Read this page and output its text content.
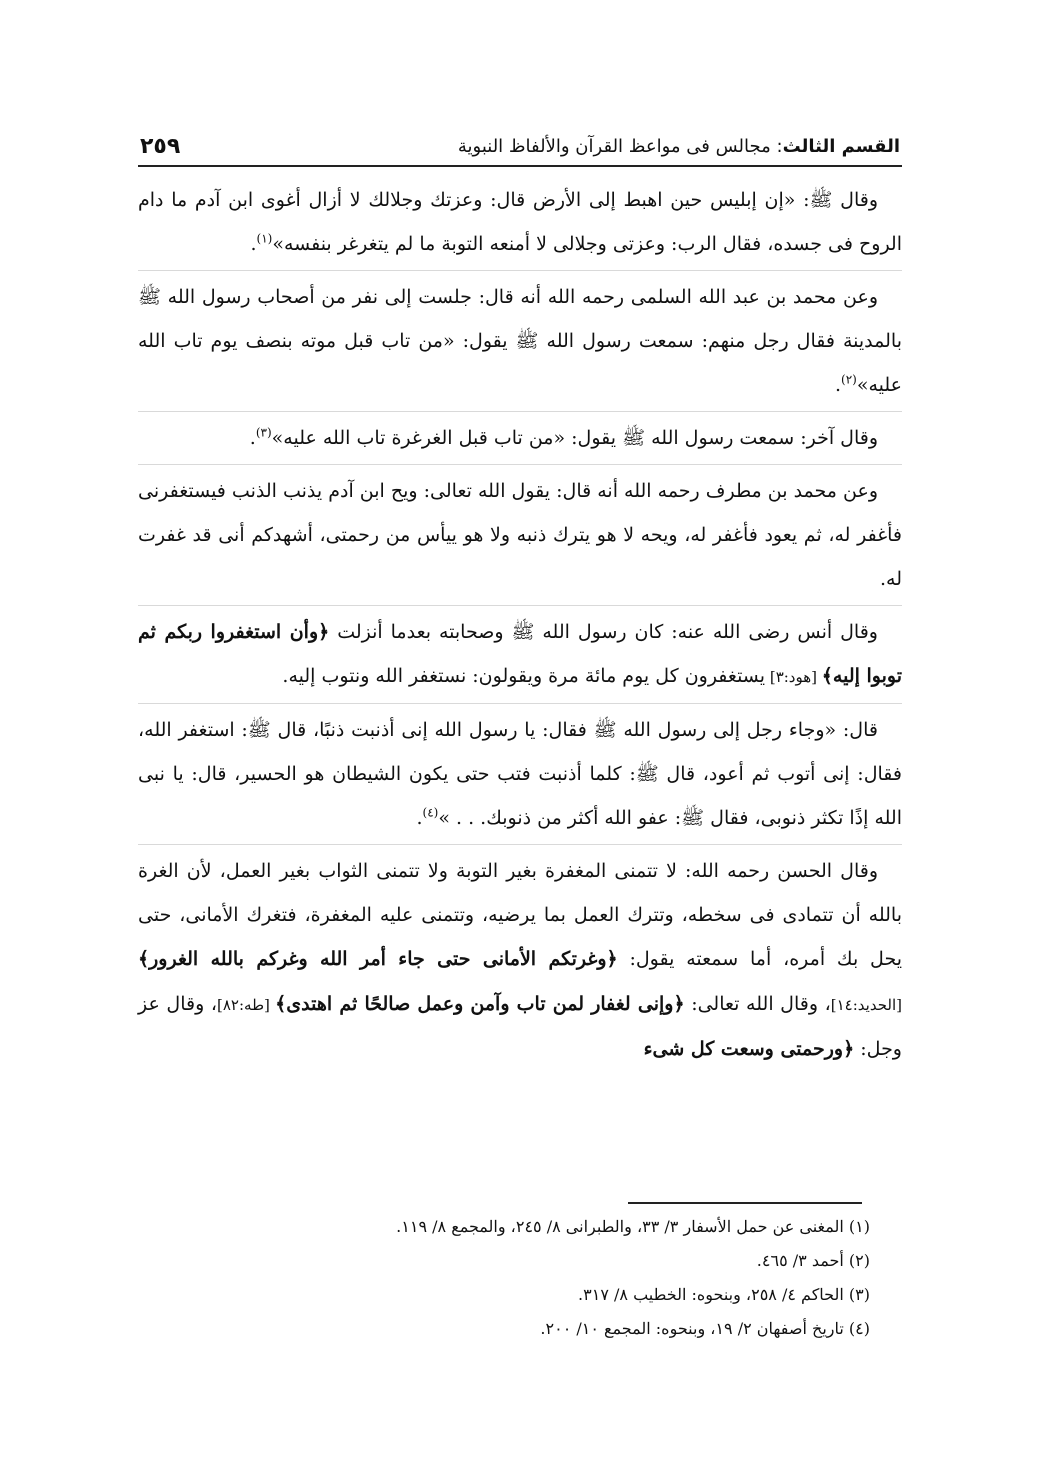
القسم الثالث: مجالس فى مواعظ القرآن والألفاظ النبوية
٢٥٩

وقال ﷺ: «إن إبليس حين اهبط إلى الأرض قال: وعزتك وجلالك لا أزال أغوى ابن آدم ما دام الروح فى جسده، فقال الرب: وعزتى وجلالى لا أمنعه التوبة ما لم يتغرغر بنفسه»$^{(١)}$.

وعن محمد بن عبد الله السلمى رحمه الله أنه قال: جلست إلى نفر من أصحاب رسول الله ﷺ بالمدينة فقال رجل منهم: سمعت رسول الله ﷺ يقول: «من تاب قبل موته بنصف يوم تاب الله عليه»$^{(٢)}$.

وقال آخر: سمعت رسول الله ﷺ يقول: «من تاب قبل الغرغرة تاب الله عليه»$^{(٣)}$.

وعن محمد بن مطرف رحمه الله أنه قال: يقول الله تعالى: ويح ابن آدم يذنب الذنب فيستغفرنى فأغفر له، ثم يعود فأغفر له، ويحه لا هو يترك ذنبه ولا هو ييأس من رحمتى، أشهدكم أنى قد غفرت له.

وقال أنس رضى الله عنه: كان رسول الله ﷺ وصحابته بعدما أنزلت ﴿وأن استغفروا ربكم ثم توبوا إليه﴾ [هود:٣] يستغفرون كل يوم مائة مرة ويقولون: نستغفر الله ونتوب إليه.

قال: «وجاء رجل إلى رسول الله ﷺ فقال: يا رسول الله إنى أذنبت ذنبًا، قال ﷺ: استغفر الله، فقال: إنى أتوب ثم أعود، قال ﷺ: كلما أذنبت فتب حتى يكون الشيطان هو الحسير، قال: يا نبى الله إذًا تكثر ذنوبى، فقال ﷺ: عفو الله أكثر من ذنوبك. . . »$^{(٤)}$.

وقال الحسن رحمه الله: لا تتمنى المغفرة بغير التوبة ولا تتمنى الثواب بغير العمل، لأن الغرة بالله أن تتمادى فى سخطه، وتترك العمل بما يرضيه، وتتمنى عليه المغفرة، فتغرك الأمانى، حتى يحل بك أمره، أما سمعته يقول: ﴿وغرتكم الأمانى حتى جاء أمر الله وغركم بالله الغرور﴾ [الحديد:١٤]، وقال الله تعالى: ﴿وإنى لغفار لمن تاب وآمن وعمل صالحًا ثم اهتدى﴾ [طه:٨٢]، وقال عز وجل: ﴿ورحمتى وسعت كل شىء

(١) المغنى عن حمل الأسفار ٣/ ٣٣، والطبرانى ٨/ ٢٤٥، والمجمع ٨/ ١١٩.

(٢) أحمد ٣/ ٤٦٥.

(٣) الحاكم ٤/ ٢٥٨، وبنحوه: الخطيب ٨/ ٣١٧.

(٤) تاريخ أصفهان ٢/ ١٩، وبنحوه: المجمع ١٠/ ٢٠٠.
